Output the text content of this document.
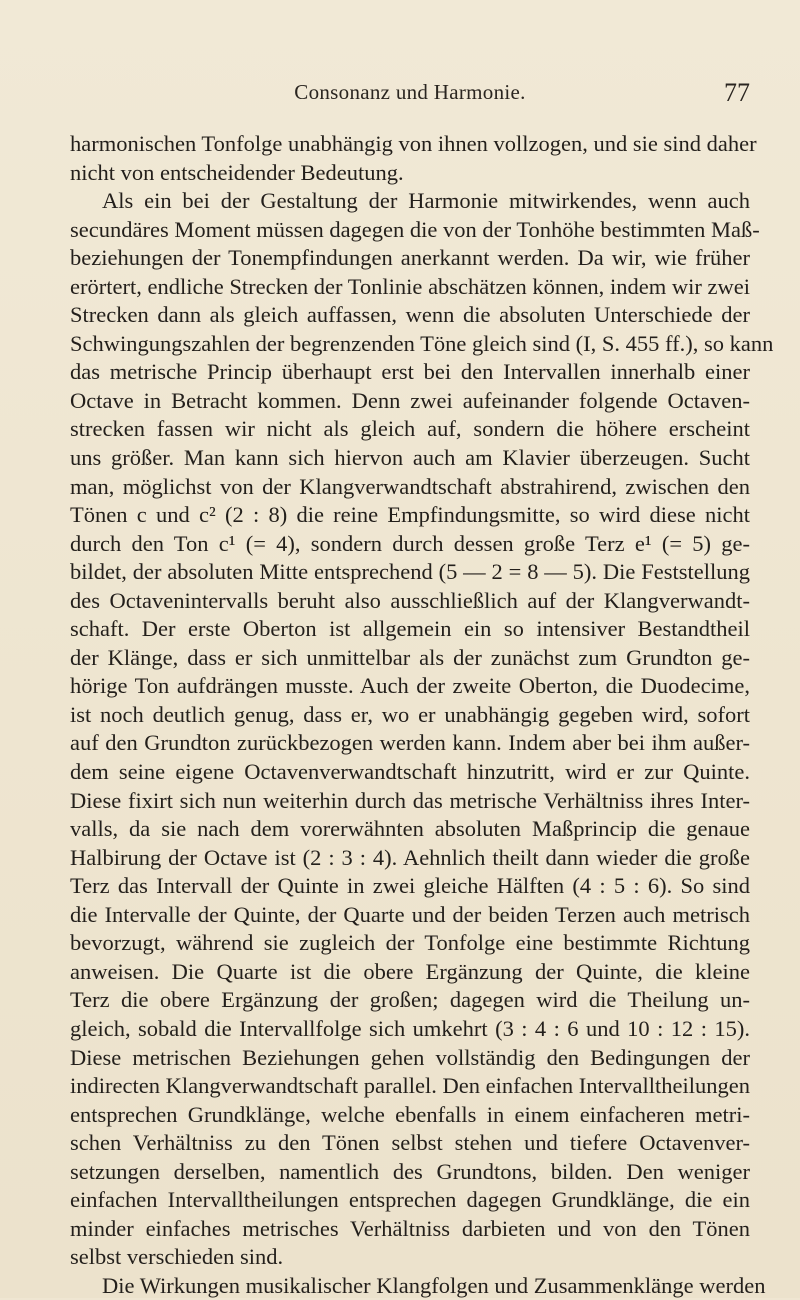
Consonanz und Harmonie.	77
harmonischen Tonfolge unabhängig von ihnen vollzogen, und sie sind daher
nicht von entscheidender Bedeutung.
Als ein bei der Gestaltung der Harmonie mitwirkendes, wenn auch
secundäres Moment müssen dagegen die von der Tonhöhe bestimmten Maß-
beziehungen der Tonempfindungen anerkannt werden. Da wir, wie früher
erörtert, endliche Strecken der Tonlinie abschätzen können, indem wir zwei
Strecken dann als gleich auffassen, wenn die absoluten Unterschiede der
Schwingungszahlen der begrenzenden Töne gleich sind (I, S. 455 ff.), so kann
das metrische Princip überhaupt erst bei den Intervallen innerhalb einer
Octave in Betracht kommen. Denn zwei aufeinander folgende Octaven-
strecken fassen wir nicht als gleich auf, sondern die höhere erscheint
uns größer. Man kann sich hiervon auch am Klavier überzeugen. Sucht
man, möglichst von der Klangverwandtschaft abstrahirend, zwischen den
Tönen c und c² (2 : 8) die reine Empfindungsmitte, so wird diese nicht
durch den Ton c¹ (= 4), sondern durch dessen große Terz e¹ (= 5) ge-
bildet, der absoluten Mitte entsprechend (5 — 2 = 8 — 5). Die Feststellung
des Octavenintervalls beruht also ausschließlich auf der Klangverwandt-
schaft. Der erste Oberton ist allgemein ein so intensiver Bestandtheil
der Klänge, dass er sich unmittelbar als der zunächst zum Grundton ge-
hörige Ton aufdrängen musste. Auch der zweite Oberton, die Duodecime,
ist noch deutlich genug, dass er, wo er unabhängig gegeben wird, sofort
auf den Grundton zurückbezogen werden kann. Indem aber bei ihm außer-
dem seine eigene Octavenverwandtschaft hinzutritt, wird er zur Quinte.
Diese fixirt sich nun weiterhin durch das metrische Verhältniss ihres Inter-
valls, da sie nach dem vorerwähnten absoluten Maßprincip die genaue
Halbirung der Octave ist (2 : 3 : 4). Aehnlich theilt dann wieder die große
Terz das Intervall der Quinte in zwei gleiche Hälften (4 : 5 : 6). So sind
die Intervalle der Quinte, der Quarte und der beiden Terzen auch metrisch
bevorzugt, während sie zugleich der Tonfolge eine bestimmte Richtung
anweisen. Die Quarte ist die obere Ergänzung der Quinte, die kleine
Terz die obere Ergänzung der großen; dagegen wird die Theilung un-
gleich, sobald die Intervallfolge sich umkehrt (3 : 4 : 6 und 10 : 12 : 15).
Diese metrischen Beziehungen gehen vollständig den Bedingungen der
indirecten Klangverwandtschaft parallel. Den einfachen Intervalltheilungen
entsprechen Grundklänge, welche ebenfalls in einem einfacheren metri-
schen Verhältniss zu den Tönen selbst stehen und tiefere Octavenver-
setzungen derselben, namentlich des Grundtons, bilden. Den weniger
einfachen Intervalltheilungen entsprechen dagegen Grundklänge, die ein
minder einfaches metrisches Verhältniss darbieten und von den Tönen
selbst verschieden sind.
Die Wirkungen musikalischer Klangfolgen und Zusammenklänge werden
